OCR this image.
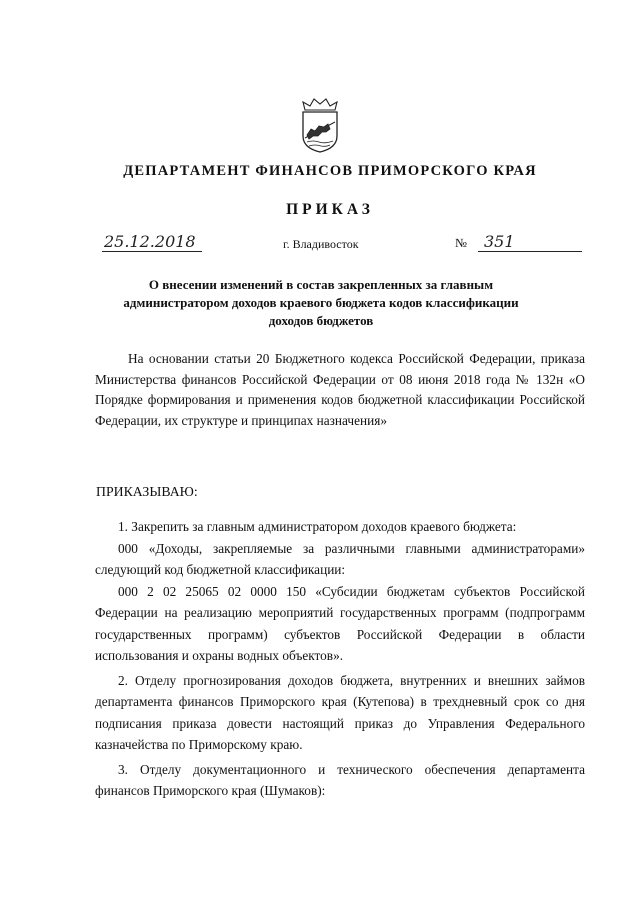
ДЕПАРТАМЕНТ ФИНАНСОВ ПРИМОРСКОГО КРАЯ
ПРИКАЗ
25.12.2018	г. Владивосток	№	351
О внесении изменений в состав закрепленных за главным администратором доходов краевого бюджета кодов классификации доходов бюджетов
На основании статьи 20 Бюджетного кодекса Российской Федерации, приказа Министерства финансов Российской Федерации от 08 июня 2018 года № 132н «О Порядке формирования и применения кодов бюджетной классификации Российской Федерации, их структуре и принципах назначения»
ПРИКАЗЫВАЮ:

1. Закрепить за главным администратором доходов краевого бюджета:

000 «Доходы, закрепляемые за различными главными администраторами» следующий код бюджетной классификации:

000 2 02 25065 02 0000 150 «Субсидии бюджетам субъектов Российской Федерации на реализацию мероприятий государственных программ (подпрограмм государственных программ) субъектов Российской Федерации в области использования и охраны водных объектов».

2. Отделу прогнозирования доходов бюджета, внутренних и внешних займов департамента финансов Приморского края (Кутепова) в трехдневный срок со дня подписания приказа довести настоящий приказ до Управления Федерального казначейства по Приморскому краю.

3. Отделу документационного и технического обеспечения департамента финансов Приморского края (Шумаков):
